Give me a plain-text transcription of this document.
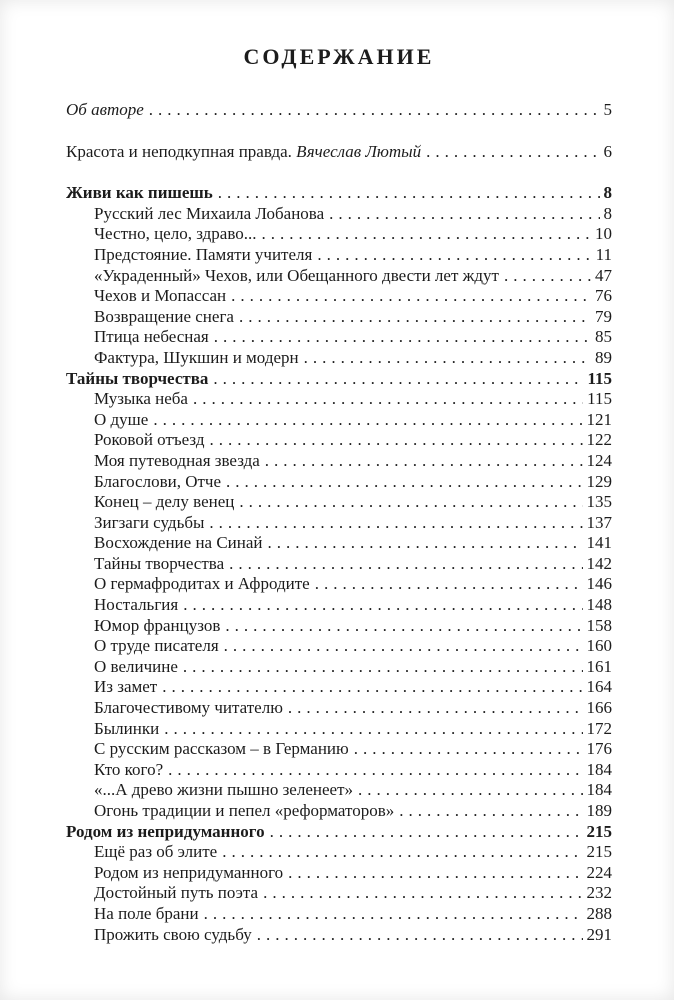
СОДЕРЖАНИЕ
Об авторе .....	5
Красота и неподкупная правда. Вячеслав Лютый .....	6
Живи как пишешь .....	8
Русский лес Михаила Лобанова .....	8
Честно, цело, здраво... .....	10
Предстояние. Памяти учителя .....	11
«Украденный» Чехов, или Обещанного двести лет ждут .....	47
Чехов и Мопассан .....	76
Возвращение снега .....	79
Птица небесная .....	85
Фактура, Шукшин и модерн .....	89
Тайны творчества .....	115
Музыка неба .....	115
О душе .....	121
Роковой отъезд .....	122
Моя путеводная звезда .....	124
Благослови, Отче .....	129
Конец – делу венец .....	135
Зигзаги судьбы .....	137
Восхождение на Синай .....	141
Тайны творчества .....	142
О гермафродитах и Афродите .....	146
Ностальгия .....	148
Юмор французов .....	158
О труде писателя .....	160
О величине .....	161
Из замет .....	164
Благочестивому читателю .....	166
Былинки .....	172
С русским рассказом – в Германию .....	176
Кто кого? .....	184
«...А древо жизни пышно зеленеет» .....	184
Огонь традиции и пепел «реформаторов» .....	189
Родом из непридуманного .....	215
Ещё раз об элите .....	215
Родом из непридуманного .....	224
Достойный путь поэта .....	232
На поле брани .....	288
Прожить свою судьбу .....	291
